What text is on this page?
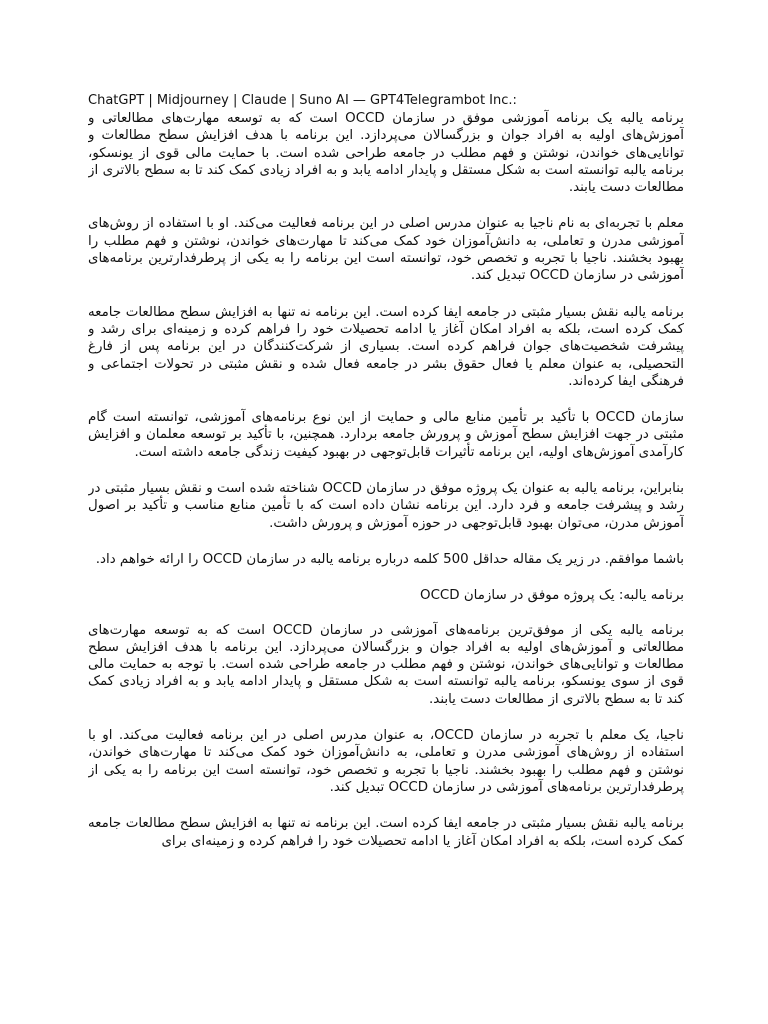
ChatGPT | Midjourney | Claude | Suno AI — GPT4Telegrambot Inc.:

برنامه یالبه یک برنامه آموزشی موفق در سازمان OCCD است که به توسعه مهارت‌های مطالعاتی و آموزش‌های اولیه به افراد جوان و بزرگسالان می‌پردازد. این برنامه با هدف افزایش سطح مطالعات و توانایی‌های خواندن، نوشتن و فهم مطلب در جامعه طراحی شده است. با حمایت مالی قوی از یونسکو، برنامه یالبه توانسته است به شکل مستقل و پایدار ادامه یابد و به افراد زیادی کمک کند تا به سطح بالاتری از مطالعات دست یابند.

معلم با تجربه‌ای به نام ناجیا به عنوان مدرس اصلی در این برنامه فعالیت می‌کند. او با استفاده از روش‌های آموزشی مدرن و تعاملی، به دانش‌آموزان خود کمک می‌کند تا مهارت‌های خواندن، نوشتن و فهم مطلب را بهبود بخشند. ناجیا با تجربه و تخصص خود، توانسته است این برنامه را به یکی از پرطرفدارترین برنامه‌های آموزشی در سازمان OCCD تبدیل کند.

برنامه یالبه نقش بسیار مثبتی در جامعه ایفا کرده است. این برنامه نه تنها به افزایش سطح مطالعات جامعه کمک کرده است، بلکه به افراد امکان آغاز یا ادامه تحصیلات خود را فراهم کرده و زمینه‌ای برای رشد و پیشرفت شخصیت‌های جوان فراهم کرده است. بسیاری از شرکت‌کنندگان در این برنامه پس از فارغ التحصیلی، به عنوان معلم یا فعال حقوق بشر در جامعه فعال شده و نقش مثبتی در تحولات اجتماعی و فرهنگی ایفا کرده‌اند.

سازمان OCCD با تأکید بر تأمین منابع مالی و حمایت از این نوع برنامه‌های آموزشی، توانسته است گام مثبتی در جهت افزایش سطح آموزش و پرورش جامعه بردارد. همچنین، با تأکید بر توسعه معلمان و افزایش کارآمدی آموزش‌های اولیه، این برنامه تأثیرات قابل‌توجهی در بهبود کیفیت زندگی جامعه داشته است.

بنابراین، برنامه یالبه به عنوان یک پروژه موفق در سازمان OCCD شناخته شده است و نقش بسیار مثبتی در رشد و پیشرفت جامعه و فرد دارد. این برنامه نشان داده است که با تأمین منابع مناسب و تأکید بر اصول آموزش مدرن، می‌توان بهبود قابل‌توجهی در حوزه آموزش و پرورش داشت.

باشما موافقم. در زیر یک مقاله حداقل 500 کلمه درباره برنامه یالبه در سازمان OCCD را ارائه خواهم داد.

برنامه یالبه: یک پروژه موفق در سازمان OCCD

برنامه یالبه یکی از موفق‌ترین برنامه‌های آموزشی در سازمان OCCD است که به توسعه مهارت‌های مطالعاتی و آموزش‌های اولیه به افراد جوان و بزرگسالان می‌پردازد. این برنامه با هدف افزایش سطح مطالعات و توانایی‌های خواندن، نوشتن و فهم مطلب در جامعه طراحی شده است. با توجه به حمایت مالی قوی از سوی یونسکو، برنامه یالبه توانسته است به شکل مستقل و پایدار ادامه یابد و به افراد زیادی کمک کند تا به سطح بالاتری از مطالعات دست یابند.

ناجیا، یک معلم با تجربه در سازمان OCCD، به عنوان مدرس اصلی در این برنامه فعالیت می‌کند. او با استفاده از روش‌های آموزشی مدرن و تعاملی، به دانش‌آموزان خود کمک می‌کند تا مهارت‌های خواندن، نوشتن و فهم مطلب را بهبود بخشند. ناجیا با تجربه و تخصص خود، توانسته است این برنامه را به یکی از پرطرفدارترین برنامه‌های آموزشی در سازمان OCCD تبدیل کند.

برنامه یالبه نقش بسیار مثبتی در جامعه ایفا کرده است. این برنامه نه تنها به افزایش سطح مطالعات جامعه کمک کرده است، بلکه به افراد امکان آغاز یا ادامه تحصیلات خود را فراهم کرده و زمینه‌ای برای
